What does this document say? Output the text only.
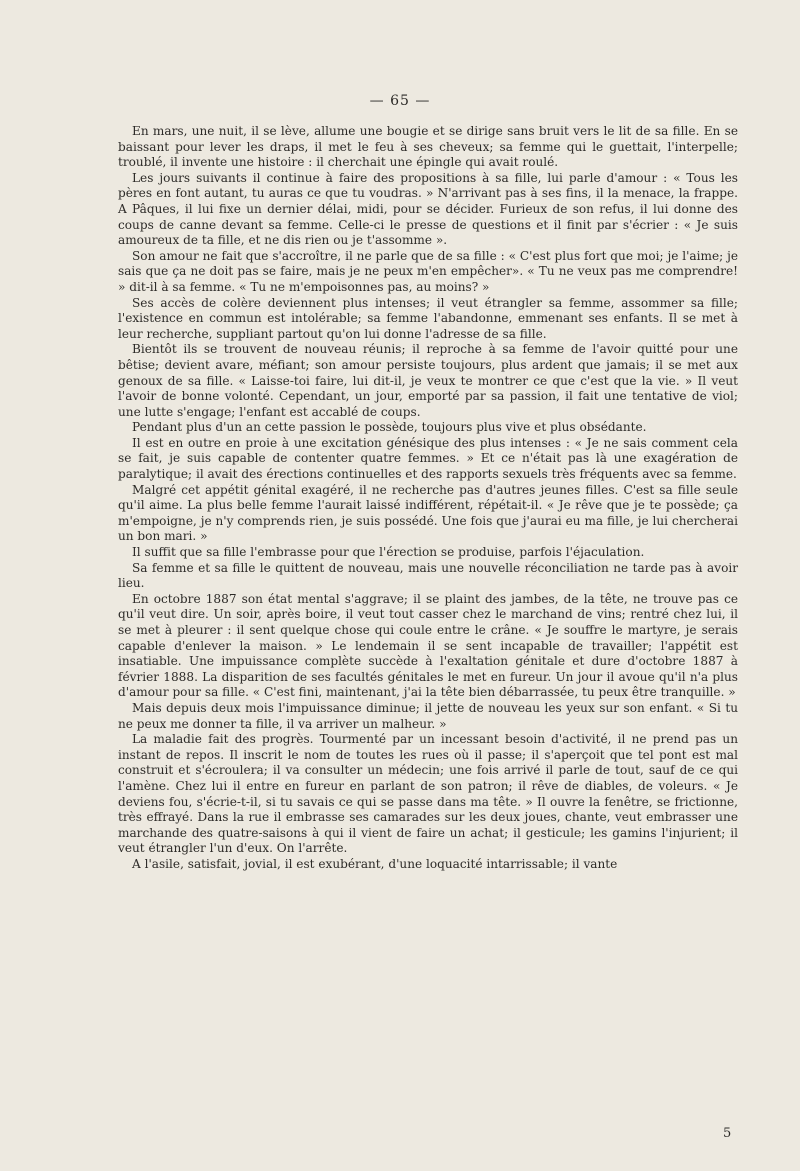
— 65 —

En mars, une nuit, il se lève, allume une bougie et se dirige sans bruit vers le lit de sa fille. En se baissant pour lever les draps, il met le feu à ses cheveux; sa femme qui le guettait, l'interpelle; troublé, il invente une histoire : il cherchait une épingle qui avait roulé.

Les jours suivants il continue à faire des propositions à sa fille, lui parle d'amour : « Tous les pères en font autant, tu auras ce que tu voudras. » N'arrivant pas à ses fins, il la menace, la frappe. A Pâques, il lui fixe un dernier délai, midi, pour se décider. Furieux de son refus, il lui donne des coups de canne devant sa femme. Celle-ci le presse de questions et il finit par s'écrier : « Je suis amoureux de ta fille, et ne dis rien ou je t'assomme ».

Son amour ne fait que s'accroître, il ne parle que de sa fille : « C'est plus fort que moi; je l'aime; je sais que ça ne doit pas se faire, mais je ne peux m'en empêcher». « Tu ne veux pas me comprendre! » dit-il à sa femme. « Tu ne m'empoisonnes pas, au moins? »

Ses accès de colère deviennent plus intenses; il veut étrangler sa femme, assommer sa fille; l'existence en commun est intolérable; sa femme l'abandonne, emmenant ses enfants. Il se met à leur recherche, suppliant partout qu'on lui donne l'adresse de sa fille.

Bientôt ils se trouvent de nouveau réunis; il reproche à sa femme de l'avoir quitté pour une bêtise; devient avare, méfiant; son amour persiste toujours, plus ardent que jamais; il se met aux genoux de sa fille. « Laisse-toi faire, lui dit-il, je veux te montrer ce que c'est que la vie. » Il veut l'avoir de bonne volonté. Cependant, un jour, emporté par sa passion, il fait une tentative de viol; une lutte s'engage; l'enfant est accablé de coups.

Pendant plus d'un an cette passion le possède, toujours plus vive et plus obsédante.

Il est en outre en proie à une excitation génésique des plus intenses : « Je ne sais comment cela se fait, je suis capable de contenter quatre femmes. » Et ce n'était pas là une exagération de paralytique; il avait des érections continuelles et des rapports sexuels très fréquents avec sa femme.

Malgré cet appétit génital exagéré, il ne recherche pas d'autres jeunes filles. C'est sa fille seule qu'il aime. La plus belle femme l'aurait laissé indifférent, répétait-il. « Je rêve que je te possède; ça m'empoigne, je n'y comprends rien, je suis possédé. Une fois que j'aurai eu ma fille, je lui chercherai un bon mari. »

Il suffit que sa fille l'embrasse pour que l'érection se produise, parfois l'éjaculation.

Sa femme et sa fille le quittent de nouveau, mais une nouvelle réconciliation ne tarde pas à avoir lieu.

En octobre 1887 son état mental s'aggrave; il se plaint des jambes, de la tête, ne trouve pas ce qu'il veut dire. Un soir, après boire, il veut tout casser chez le marchand de vins; rentré chez lui, il se met à pleurer : il sent quelque chose qui coule entre le crâne. « Je souffre le martyre, je serais capable d'enlever la maison. » Le lendemain il se sent incapable de travailler; l'appétit est insatiable. Une impuissance complète succède à l'exaltation génitale et dure d'octobre 1887 à février 1888. La disparition de ses facultés génitales le met en fureur. Un jour il avoue qu'il n'a plus d'amour pour sa fille. « C'est fini, maintenant, j'ai la tête bien débarrassée, tu peux être tranquille. »

Mais depuis deux mois l'impuissance diminue; il jette de nouveau les yeux sur son enfant. « Si tu ne peux me donner ta fille, il va arriver un malheur. »

La maladie fait des progrès. Tourmenté par un incessant besoin d'activité, il ne prend pas un instant de repos. Il inscrit le nom de toutes les rues où il passe; il s'aperçoit que tel pont est mal construit et s'écroulera; il va consulter un médecin; une fois arrivé il parle de tout, sauf de ce qui l'amène. Chez lui il entre en fureur en parlant de son patron; il rêve de diables, de voleurs. « Je deviens fou, s'écrie-t-il, si tu savais ce qui se passe dans ma tête. » Il ouvre la fenêtre, se frictionne, très effrayé. Dans la rue il embrasse ses camarades sur les deux joues, chante, veut embrasser une marchande des quatre-saisons à qui il vient de faire un achat; il gesticule; les gamins l'injurient; il veut étrangler l'un d'eux. On l'arrête.

A l'asile, satisfait, jovial, il est exubérant, d'une loquacité intarrissable; il vante

5
